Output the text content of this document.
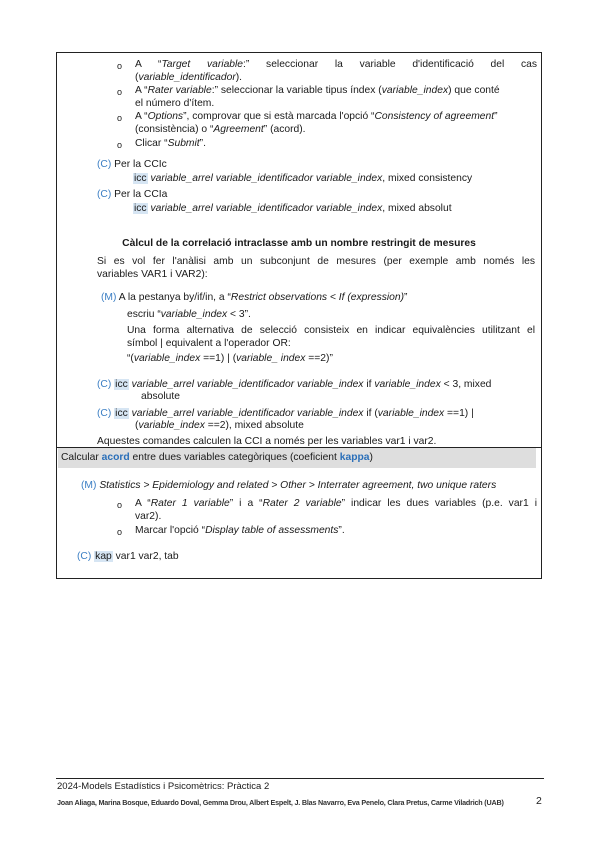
o A “Target variable:” seleccionar la variable d'identificació del cas
(variable_identificador).
o A “Rater variable:” seleccionar la variable tipus índex (variable_index) que conté
el número d'ítem.
o A “Options”, comprovar que si està marcada l'opció “Consistency of agreement”
(consistència) o “Agreement” (acord).
o Clicar “Submit”.
(C) Per la CCIc
icc variable_arrel variable_identificador variable_index, mixed consistency
(C) Per la CCIa
icc variable_arrel variable_identificador variable_index, mixed absolut
Càlcul de la correlació intraclasse amb un nombre restringit de mesures
Si es vol fer l'anàlisi amb un subconjunt de mesures (per exemple amb només les
variables VAR1 i VAR2):
(M) A la pestanya by/if/in, a “Restrict observations < If (expression)”
escriu “variable_index < 3”.
Una forma alternativa de selecció consisteix en indicar equivalències utilitzant el
símbol | equivalent a l'operador OR:
“(variable_index ==1) | (variable_ index ==2)”
(C) icc variable_arrel variable_identificador variable_index if variable_index < 3, mixed
absolute
(C) icc variable_arrel variable_identificador variable_index if (variable_index ==1) |
(variable_index ==2), mixed absolute
Aquestes comandes calculen la CCI a només per les variables var1 i var2.
Calcular acord entre dues variables categòriques (coeficient kappa)
(M) Statistics > Epidemiology and related > Other > Interrater agreement, two unique raters
o A “Rater 1 variable” i a “Rater 2 variable” indicar les dues variables (p.e. var1 i
var2).
o Marcar l'opció “Display table of assessments”.
(C) kap var1 var2, tab
2024-Models Estadístics i Psicomètrics: Pràctica 2
Joan Aliaga, Marina Bosque, Eduardo Doval, Gemma Drou, Albert Espelt, J. Blas Navarro, Eva Penelo, Clara Pretus, Carme Viladrich (UAB)	2
